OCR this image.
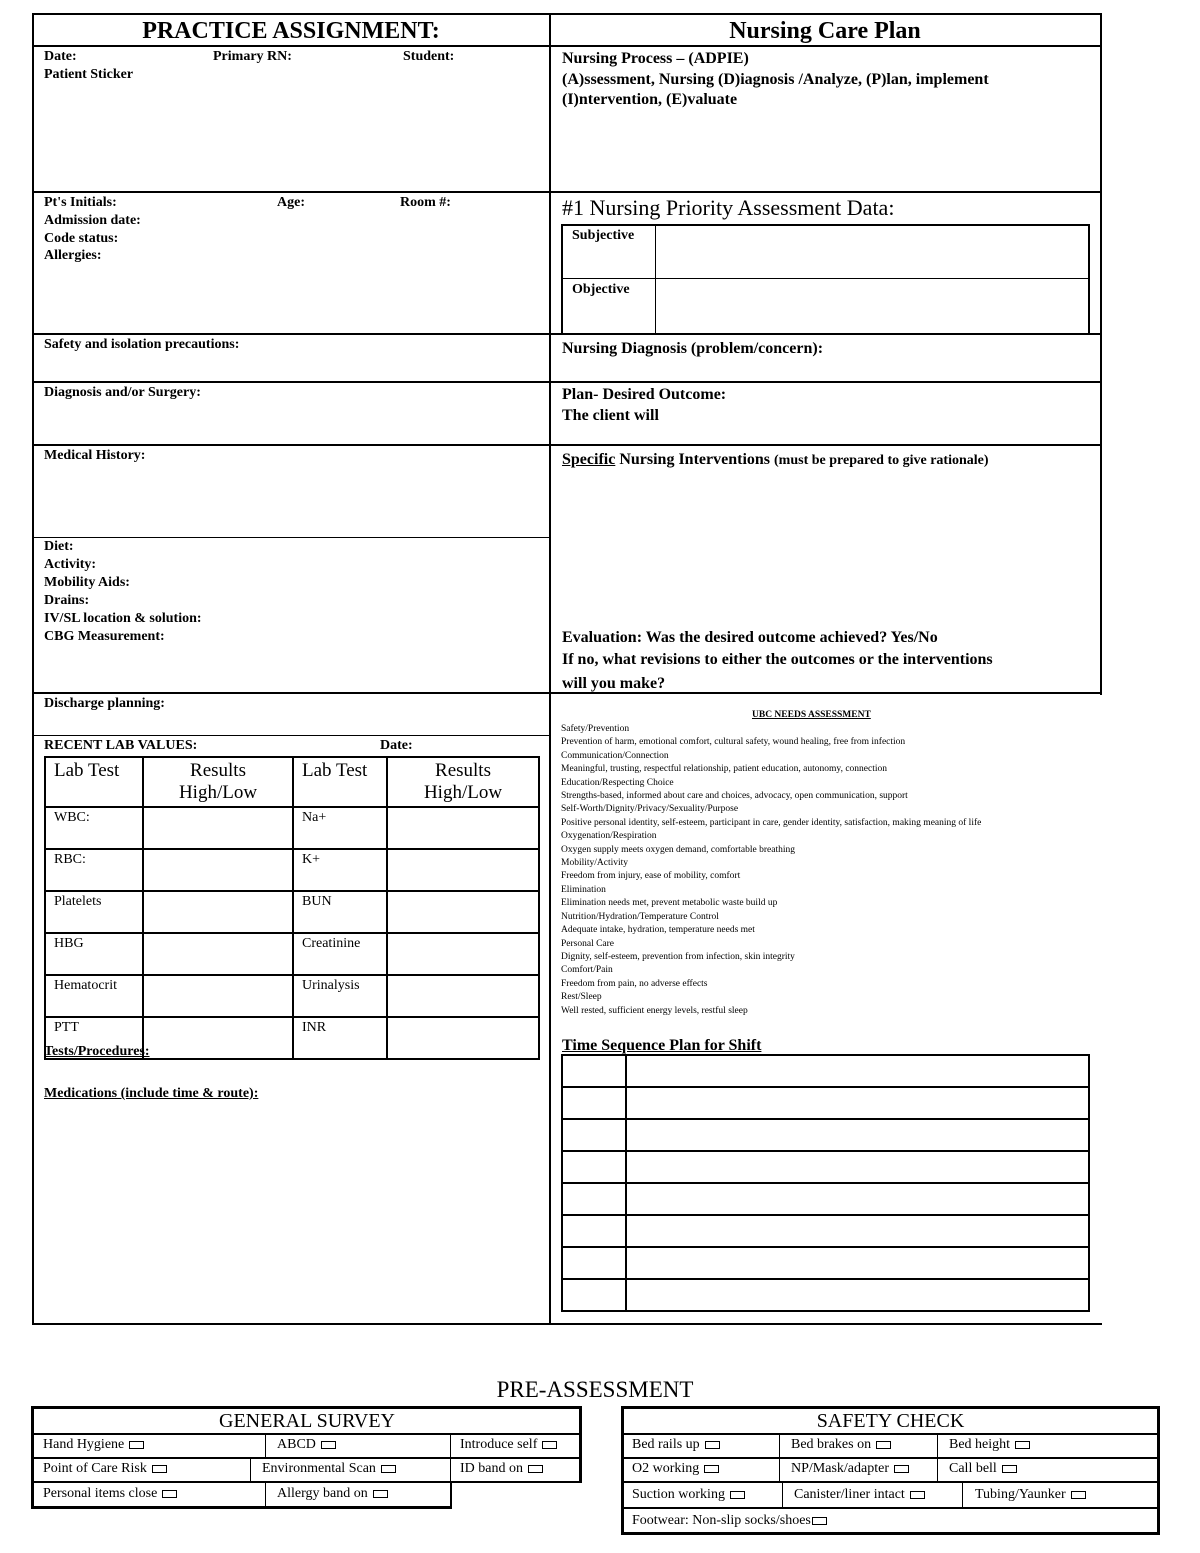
PRACTICE ASSIGNMENT:
Date:	Primary RN:	Student:
Patient Sticker
Pt's Initials:	Age:	Room #:
Admission date:
Code status:
Allergies:
Safety and isolation precautions:
Diagnosis and/or Surgery:
Medical History:
Diet:
Activity:
Mobility Aids:
Drains:
IV/SL location & solution:
CBG Measurement:
Discharge planning:
RECENT LAB VALUES:	Date:
Lab Test	Results High/Low	Lab Test	Results High/Low
WBC:		Na+	
RBC:		K+	
Platelets		BUN	
HBG		Creatinine	
Hematocrit		Urinalysis	
PTT		INR	
Tests/Procedures:
Medications (include time & route):
Nursing Care Plan
Nursing Process – (ADPIE)
(A)ssessment, Nursing (D)iagnosis /Analyze, (P)lan, implement
(I)ntervention, (E)valuate
#1 Nursing Priority Assessment Data:
Subjective
Objective
Nursing Diagnosis (problem/concern):
Plan- Desired Outcome:
The client will
Specific Nursing Interventions (must be prepared to give rationale)
Evaluation: Was the desired outcome achieved? Yes/No
If no, what revisions to either the outcomes or the interventions
will you make?
UBC NEEDS ASSESSMENT
Safety/Prevention
Prevention of harm, emotional comfort, cultural safety, wound healing, free from infection
Communication/Connection
Meaningful, trusting, respectful relationship, patient education, autonomy, connection
Education/Respecting Choice
Strengths-based, informed about care and choices, advocacy, open communication, support
Self-Worth/Dignity/Privacy/Sexuality/Purpose
Positive personal identity, self-esteem, participant in care, gender identity, satisfaction, making meaning of life
Oxygenation/Respiration
Oxygen supply meets oxygen demand, comfortable breathing
Mobility/Activity
Freedom from injury, ease of mobility, comfort
Elimination
Elimination needs met, prevent metabolic waste build up
Nutrition/Hydration/Temperature Control
Adequate intake, hydration, temperature needs met
Personal Care
Dignity, self-esteem, prevention from infection, skin integrity
Comfort/Pain
Freedom from pain, no adverse effects
Rest/Sleep
Well rested, sufficient energy levels, restful sleep
Time Sequence Plan for Shift

PRE-ASSESSMENT
GENERAL SURVEY
Hand Hygiene	ABCD	Introduce self
Point of Care Risk	Environmental Scan	ID band on
Personal items close	Allergy band on
SAFETY CHECK
Bed rails up	Bed brakes on	Bed height
O2 working	NP/Mask/adapter	Call bell
Suction working	Canister/liner intact	Tubing/Yaunker
Footwear: Non-slip socks/shoes
